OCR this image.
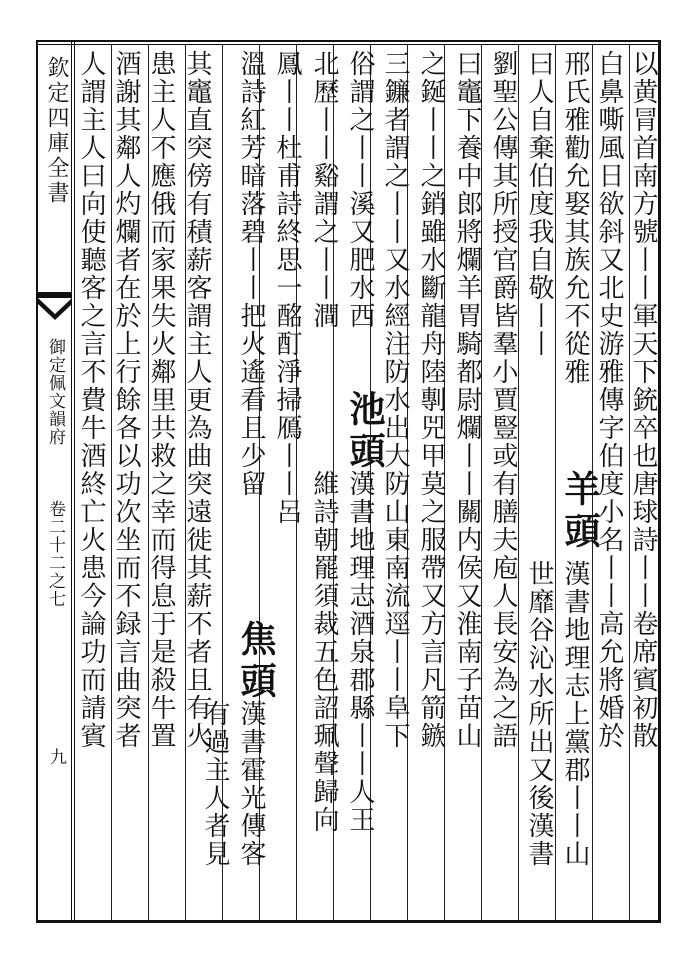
欽定四庫全書
御定佩文韻府
卷二十二之七
九
以黄冐首南方號丨丨軍天下銃卒也唐球詩丨丨卷席賓初散
白鼻嘶風日欲斜又北史游雅傳字伯度小名丨丨高允將婚於
邢氏雅勸允娶其族允不從雅
羊頭
漢書地理志上黨郡丨丨山
曰人自棄伯度我自敬丨丨
世靡谷沁水所出又後漢書
劉聖公傳其所授官爵皆羣小賈豎或有膳夫庖人長安為之語
曰竈下養中郎將爛羊胃騎都尉爛丨丨關内侯又淮南子苗山
之鋋丨丨之銷雖水斷龍舟陸剸兕甲莫之服帶又方言凡箭鏃
三鐮者謂之丨丨又水經注防水出大防山東南流逕丨丨阜下
俗謂之丨丨溪又肥水西
池頭
漢書地理志酒泉郡縣丨丨人王
北歷丨丨谿謂之丨丨澗
維詩朝罷須裁五色詔珮聲歸向
鳳丨丨杜甫詩終思一酩酊淨掃鴈丨丨呂
焦頭
漢書霍光傳客
溫詩紅芳暗落碧丨丨把火遙看且少留
有過主人者見
其竈直突傍有積薪客謂主人更為曲突遠徙其薪不者且有火
患主人不應俄而家果失火鄰里共救之幸而得息于是殺牛置
酒謝其鄰人灼爛者在於上行餘各以功次坐而不録言曲突者
人謂主人曰向使聽客之言不費牛酒終亡火患今論功而請賓
